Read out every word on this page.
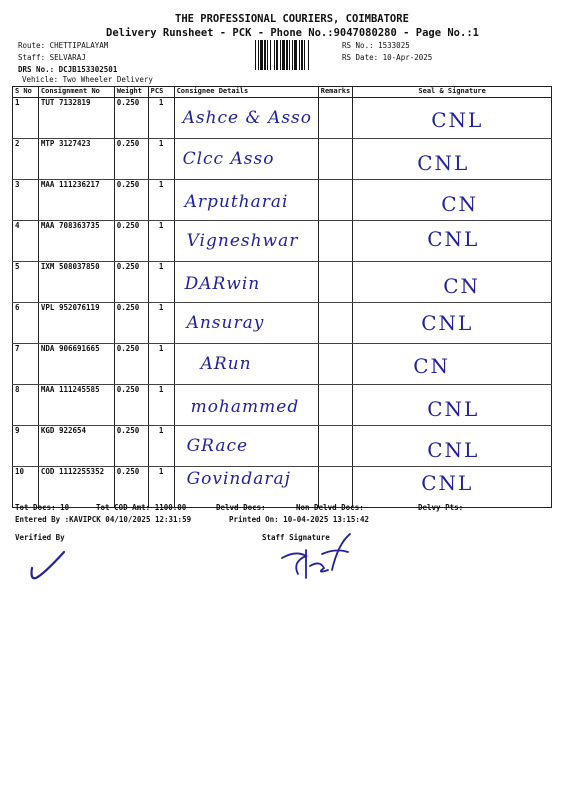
THE PROFESSIONAL COURIERS, COIMBATORE
Delivery Runsheet - PCK - Phone No.:9047080280 - Page No.:1
Route: CHETTIPALAYAM
Staff: SELVARAJ
DRS No.: DCJB153302501
Vehicle: Two Wheeler Delivery
RS No.: 1533025
RS Date: 10-Apr-2025
S No	Consignment No	Weight	PCS	Consignee Details	Remarks	Seal & Signature
1	TUT 7132819	0.250	1	Ashce & Asso		CNL

2	MTP 3127423	0.250	1	Clcc Asso		CNL

3	MAA 111236217	0.250	1	Arputharai		CN

4	MAA 708363735	0.250	1	Vigneshwar		CNL

5	IXM 508037850	0.250	1	DARwin		CN

6	VPL 952076119	0.250	1	Ansuray		CNL

7	NDA 906691665	0.250	1	ARun		CN

8	MAA 111245585	0.250	1	mohammed		CNL

9	KGD 922654	0.250	1	GRace		CNL

10	COD 1112255352	0.250	1	Govindaraj		CNL
Tot Docs: 10	Tot COD Amt: 1100.00	Delvd Docs:	Non Delvd Docs:	Delvy Pts:
Entered By :KAVIPCK 04/10/2025 12:31:59	Printed On: 10-04-2025 13:15:42
Verified By	Staff Signature
